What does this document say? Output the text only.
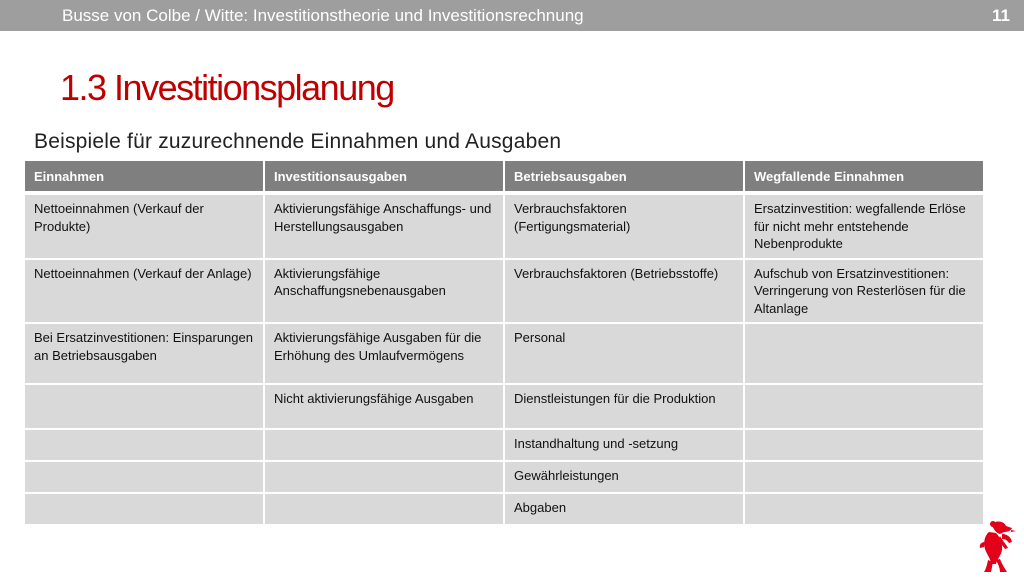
Busse von Colbe / Witte: Investitionstheorie und Investitionsrechnung	11
1.3 Investitionsplanung
Beispiele für zuzurechnende Einnahmen und Ausgaben
Einnahmen	Investitionsausgaben	Betriebsausgaben	Wegfallende Einnahmen
Nettoeinnahmen (Verkauf der Produkte)	Aktivierungsfähige Anschaffungs- und Herstellungsausgaben	Verbrauchsfaktoren (Fertigungsmaterial)	Ersatzinvestition: wegfallende Erlöse für nicht mehr entstehende Nebenprodukte
Nettoeinnahmen (Verkauf der Anlage)	Aktivierungsfähige Anschaffungsnebenausgaben	Verbrauchsfaktoren (Betriebsstoffe)	Aufschub von Ersatzinvestitionen: Verringerung von Resterlösen für die Altanlage
Bei Ersatzinvestitionen: Einsparungen an Betriebsausgaben	Aktivierungsfähige Ausgaben für die Erhöhung des Umlaufvermögens	Personal	
	Nicht aktivierungsfähige Ausgaben	Dienstleistungen für die Produktion	
		Instandhaltung und -setzung	
		Gewährleistungen	
		Abgaben	
